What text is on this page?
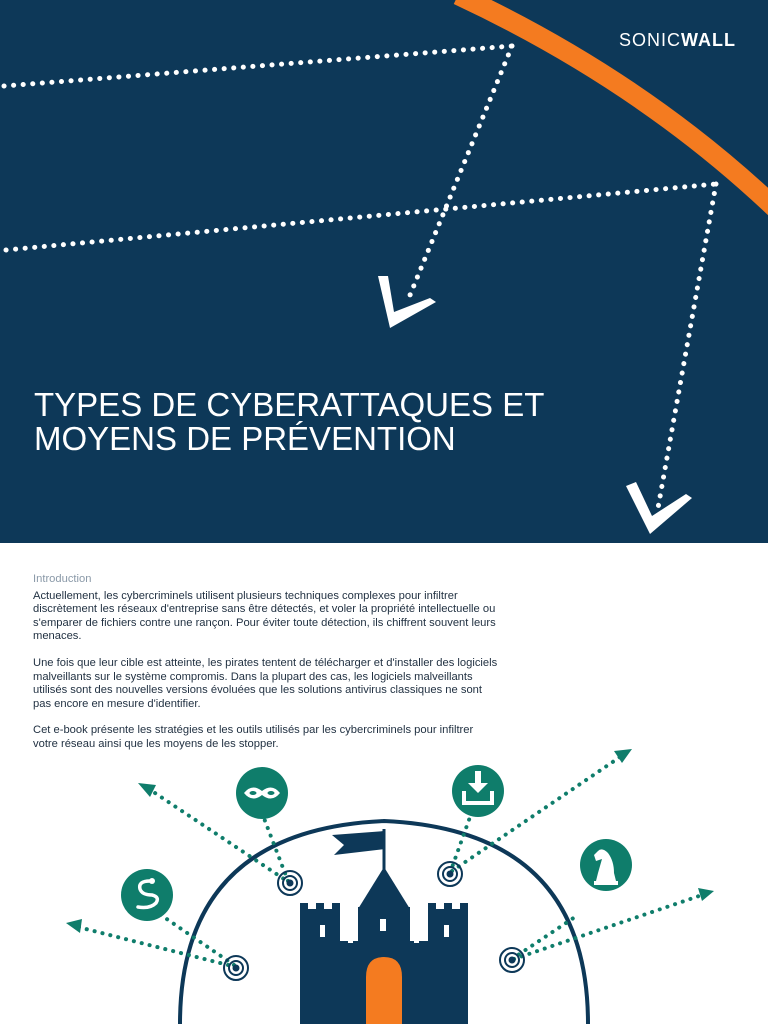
SONICWALL
TYPES DE CYBERATTAQUES ET
MOYENS DE PRÉVENTION
Introduction

Actuellement, les cybercriminels utilisent plusieurs techniques complexes pour infiltrer discrètement les réseaux d'entreprise sans être détectés, et voler la propriété intellectuelle ou s'emparer de fichiers contre une rançon. Pour éviter toute détection, ils chiffrent souvent leurs menaces.

Une fois que leur cible est atteinte, les pirates tentent de télécharger et d'installer des logiciels malveillants sur le système compromis. Dans la plupart des cas, les logiciels malveillants utilisés sont des nouvelles versions évoluées que les solutions antivirus classiques ne sont pas encore en mesure d'identifier.

Cet e-book présente les stratégies et les outils utilisés par les cybercriminels pour infiltrer votre réseau ainsi que les moyens de les stopper.
